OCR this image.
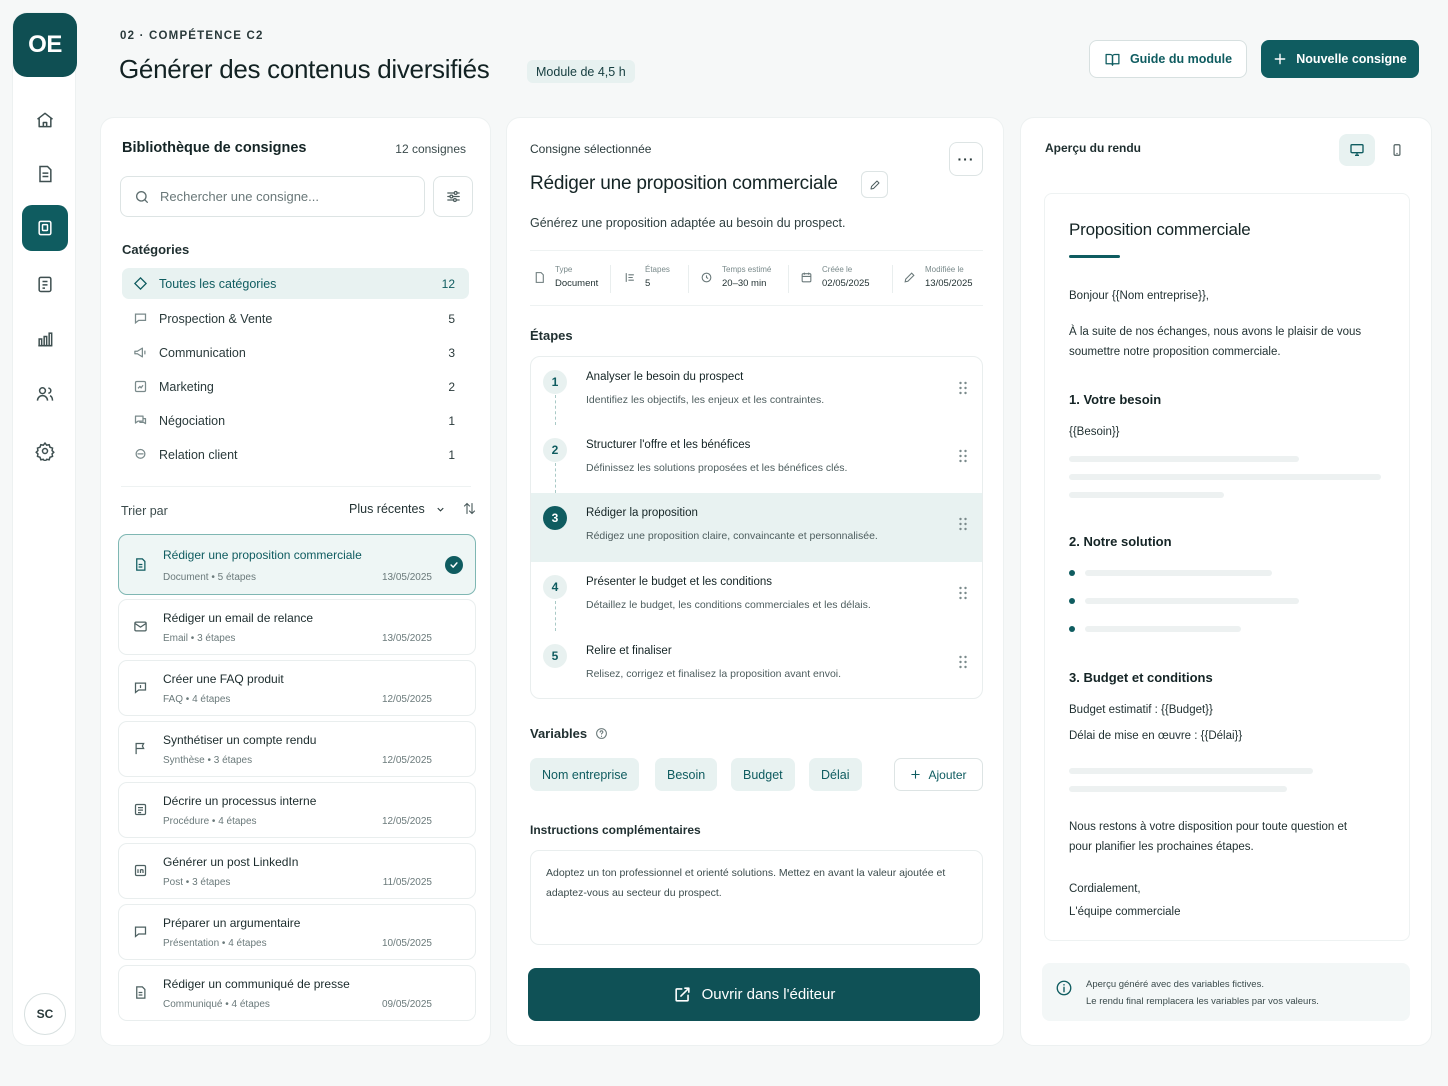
OE
SC
02 · COMPÉTENCE C2
Générer des contenus diversifiés	Module de 4,5 h
Guide du module	Nouvelle consigne
Bibliothèque de consignes	12 consignes
Rechercher une consigne...
Catégories
Toutes les catégories	12
Prospection & Vente	5
Communication	3
Marketing	2
Négociation	1
Relation client	1
Trier par	Plus récentes
Rédiger une proposition commerciale
Document • 5 étapes	13/05/2025
Rédiger un email de relance
Email • 3 étapes	13/05/2025
Créer une FAQ produit
FAQ • 4 étapes	12/05/2025
Synthétiser un compte rendu
Synthèse • 3 étapes	12/05/2025
Décrire un processus interne
Procédure • 4 étapes	12/05/2025
Générer un post LinkedIn
Post • 3 étapes	11/05/2025
Préparer un argumentaire
Présentation • 4 étapes	10/05/2025
Rédiger un communiqué de presse
Communiqué • 4 étapes	09/05/2025
Consigne sélectionnée
Rédiger une proposition commerciale
···
Générez une proposition adaptée au besoin du prospect.
Type
Document
Étapes
5
Temps estimé
20–30 min
Créée le
02/05/2025
Modifiée le
13/05/2025
Étapes
1	Analyser le besoin du prospect
Identifiez les objectifs, les enjeux et les contraintes.
2	Structurer l'offre et les bénéfices
Définissez les solutions proposées et les bénéfices clés.
3	Rédiger la proposition
Rédigez une proposition claire, convaincante et personnalisée.
4	Présenter le budget et les conditions
Détaillez le budget, les conditions commerciales et les délais.
5	Relire et finaliser
Relisez, corrigez et finalisez la proposition avant envoi.
Variables
Nom entreprise	Besoin	Budget	Délai	Ajouter
Instructions complémentaires
Adoptez un ton professionnel et orienté solutions. Mettez en avant la valeur ajoutée et adaptez-vous au secteur du prospect.
Ouvrir dans l'éditeur
Aperçu du rendu
Proposition commerciale
Bonjour {{Nom entreprise}},
À la suite de nos échanges, nous avons le plaisir de vous soumettre notre proposition commerciale.
1. Votre besoin
{{Besoin}}
2. Notre solution
3. Budget et conditions
Budget estimatif : {{Budget}}
Délai de mise en œuvre : {{Délai}}
Nous restons à votre disposition pour toute question et pour planifier les prochaines étapes.
Cordialement,
L'équipe commerciale
Aperçu généré avec des variables fictives.
Le rendu final remplacera les variables par vos valeurs.
